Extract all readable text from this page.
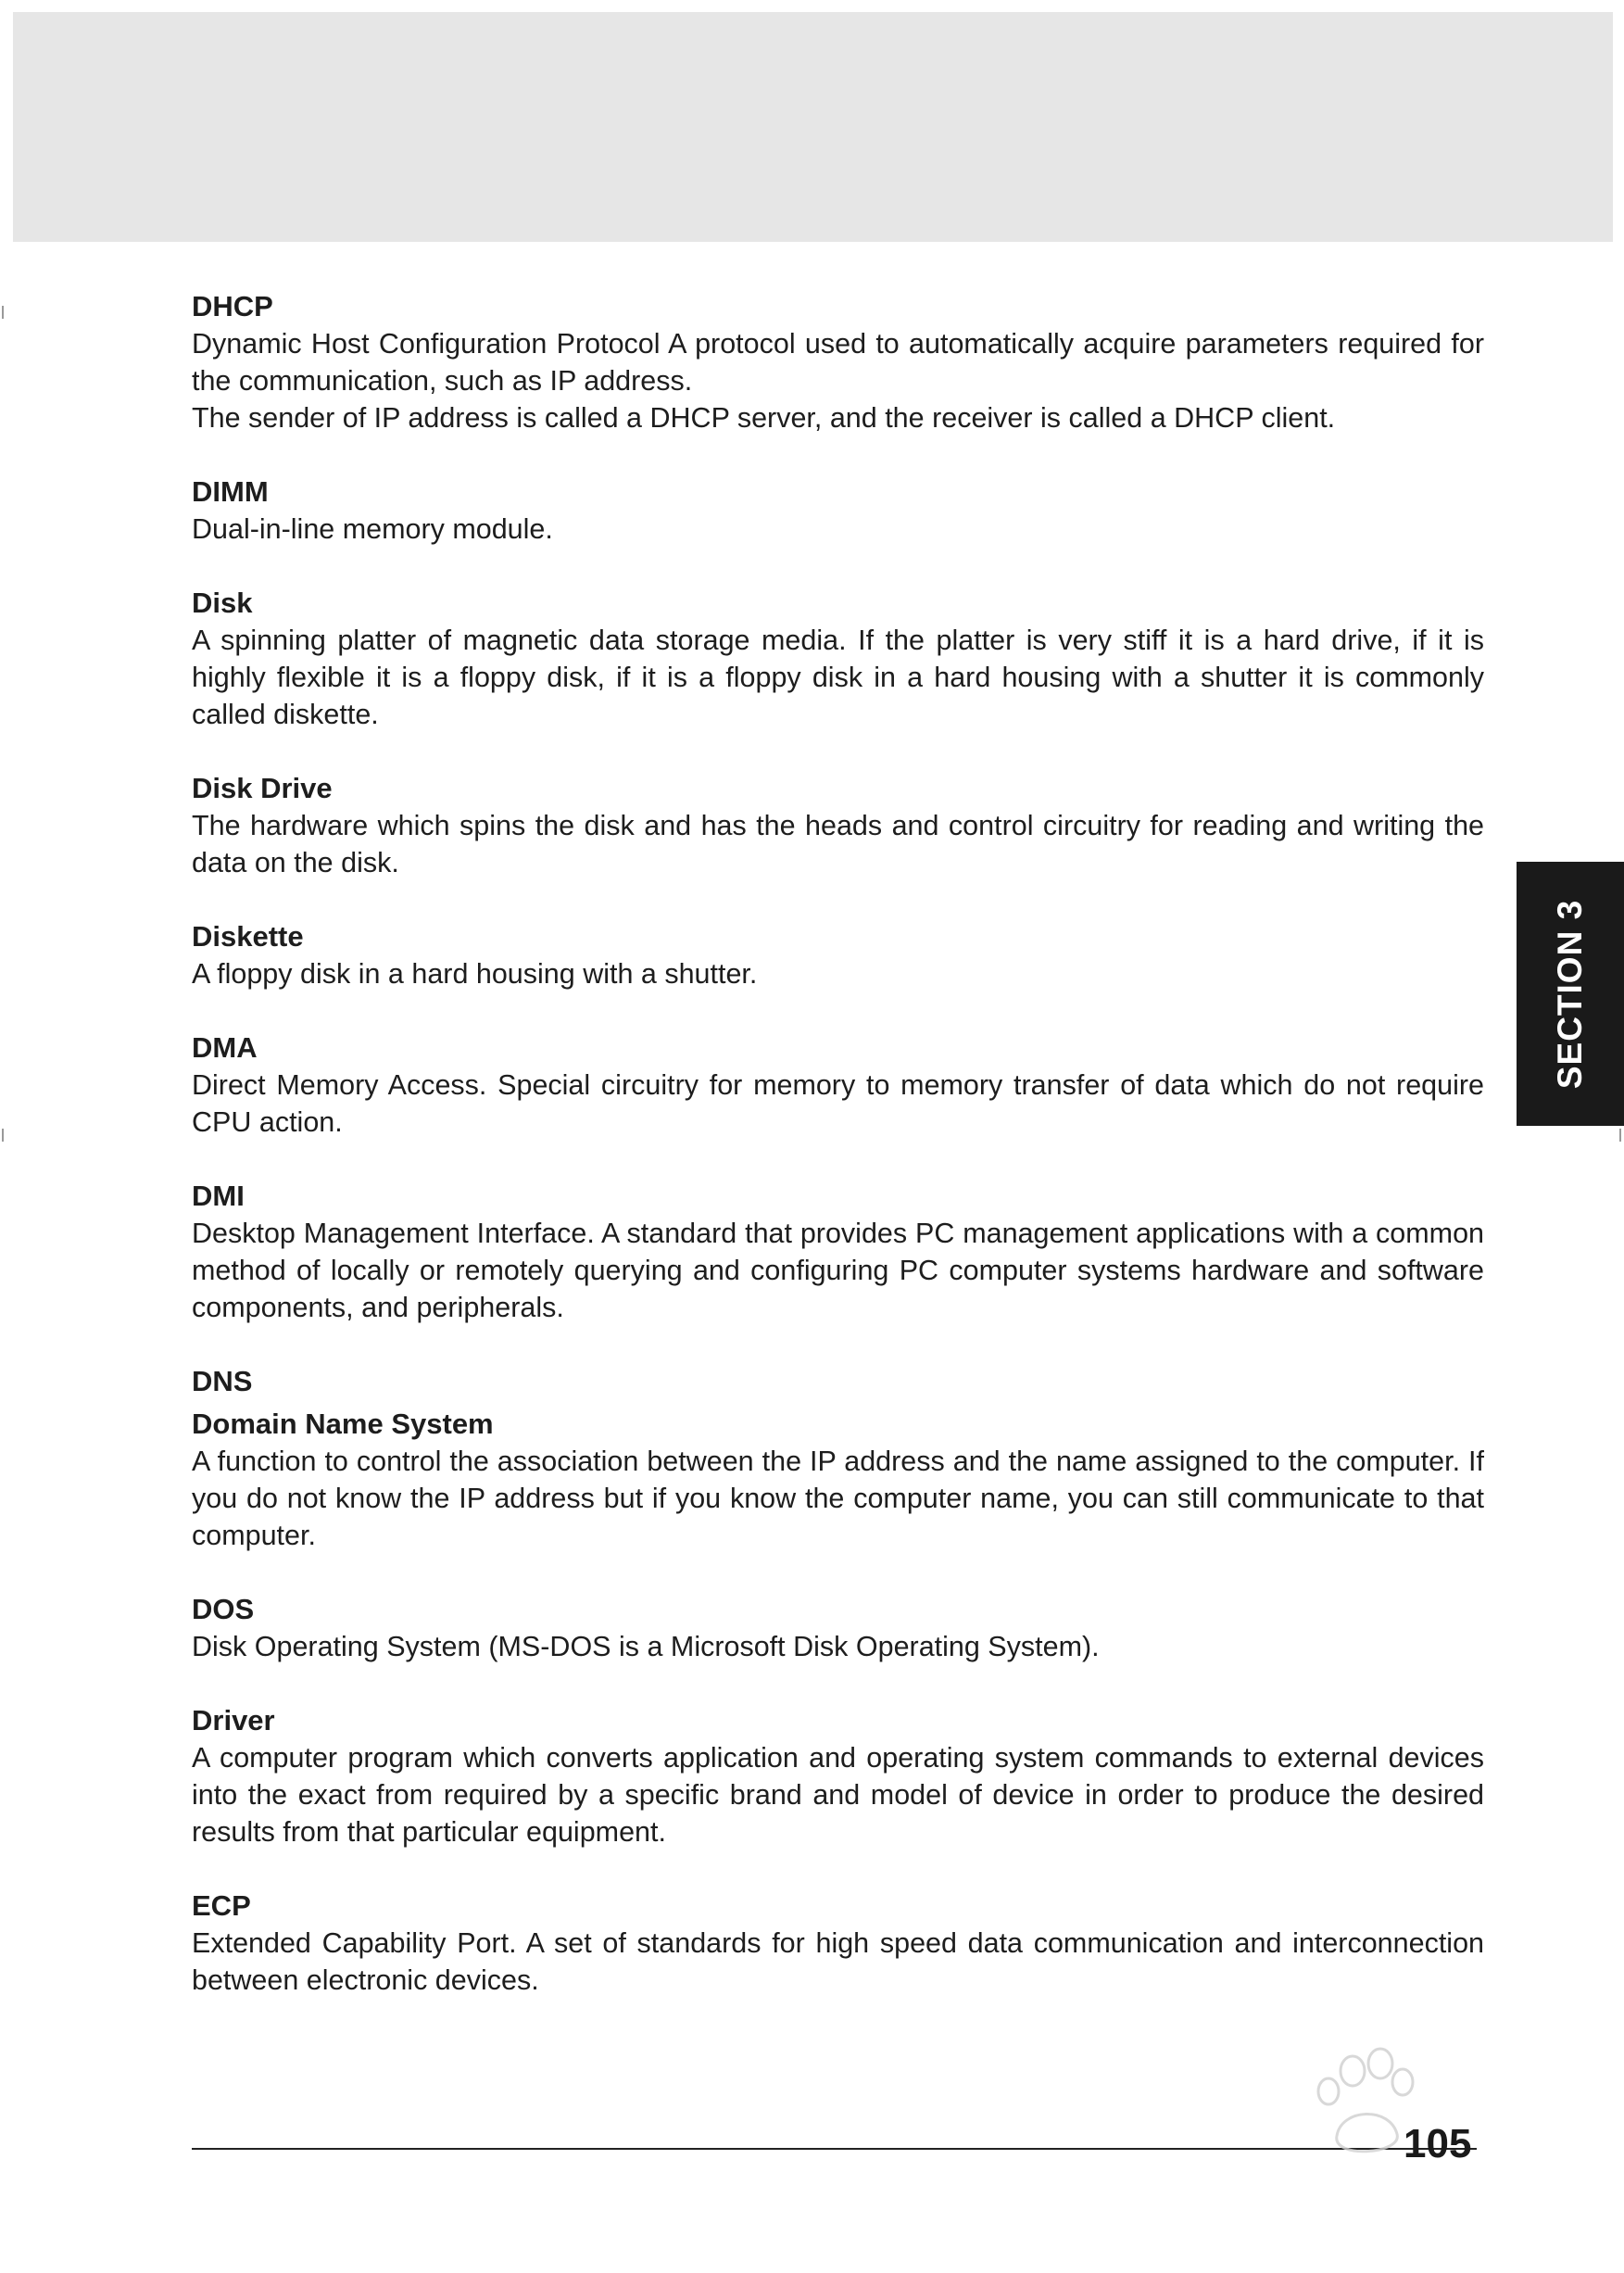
DHCP

Dynamic Host Configuration Protocol A protocol used to automatically acquire parameters required for the communication, such as IP address.

The sender of IP address is called a DHCP server, and the receiver is called a DHCP client.

DIMM

Dual-in-line memory module.

Disk

A spinning platter of magnetic data storage media. If the platter is very stiff it is a hard drive, if it is highly flexible it is a floppy disk, if it is a floppy disk in a hard housing with a shutter it is commonly called diskette.

Disk Drive

The hardware which spins the disk and has the heads and control circuitry for reading and writing the data on the disk.

Diskette

A floppy disk in a hard housing with a shutter.

DMA

Direct Memory Access. Special circuitry for memory to memory transfer of data which do not require CPU action.

DMI

Desktop Management Interface. A standard that provides PC management applications with a common method of locally or remotely querying and configuring PC computer systems hardware and software components, and peripherals.

DNS

Domain Name System

A function to control the association between the IP address and the name assigned to the computer. If you do not know the IP address but if you know the computer name, you can still communicate to that computer.

DOS

Disk Operating System (MS-DOS is a Microsoft Disk Operating System).

Driver

A computer program which converts application and operating system commands to external devices into the exact from required by a specific brand and model of device in order to produce the desired results from that particular equipment.

ECP

Extended Capability Port. A set of standards for high speed data communication and interconnection between electronic devices.

SECTION 3
105
